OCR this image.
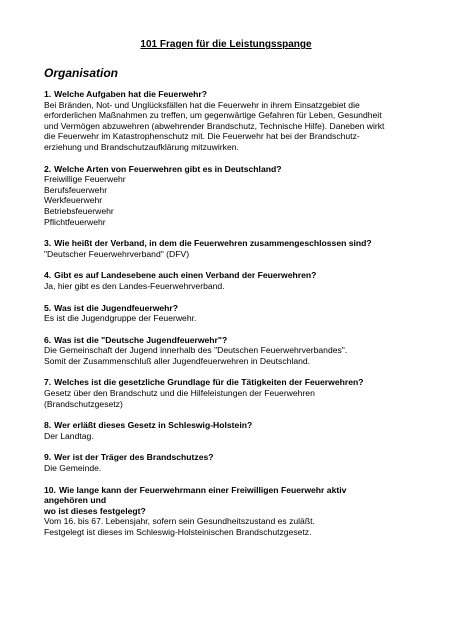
101 Fragen für die Leistungsspange
Organisation
1. Welche Aufgaben hat die Feuerwehr?
Bei Bränden, Not- und Unglücksfällen hat die Feuerwehr in ihrem Einsatzgebiet die
erforderlichen Maßnahmen zu treffen, um gegenwärtige Gefahren für Leben, Gesundheit
und Vermögen abzuwehren (abwehrender Brandschutz, Technische Hilfe). Daneben wirkt
die Feuerwehr im Katastrophenschutz mit. Die Feuerwehr hat bei der Brandschutz-
erziehung und Brandschutzaufklärung mitzuwirken.
2. Welche Arten von Feuerwehren gibt es in Deutschland?
Freiwillige Feuerwehr
Berufsfeuerwehr
Werkfeuerwehr
Betriebsfeuerwehr
Pflichtfeuerwehr
3. Wie heißt der Verband, in dem die Feuerwehren zusammengeschlossen sind?
"Deutscher Feuerwehrverband" (DFV)
4. Gibt es auf Landesebene auch einen Verband der Feuerwehren?
Ja, hier gibt es den Landes-Feuerwehrverband.
5. Was ist die Jugendfeuerwehr?
Es ist die Jugendgruppe der Feuerwehr.
6. Was ist die "Deutsche Jugendfeuerwehr"?
Die Gemeinschaft der Jugend innerhalb des "Deutschen Feuerwehrverbandes".
Somit der Zusammenschluß aller Jugendfeuerwehren in Deutschland.
7. Welches ist die gesetzliche Grundlage für die Tätigkeiten der Feuerwehren?
Gesetz über den Brandschutz und die Hilfeleistungen der Feuerwehren
(Brandschutzgesetz)
8. Wer erläßt dieses Gesetz in Schleswig-Holstein?
Der Landtag.
9. Wer ist der Träger des Brandschutzes?
Die Gemeinde.
10. Wie lange kann der Feuerwehrmann einer Freiwilligen Feuerwehr aktiv
angehören und
wo ist dieses festgelegt?
Vom 16. bis 67. Lebensjahr, sofern sein Gesundheitszustand es zuläßt.
Festgelegt ist dieses im Schleswig-Holsteinischen Brandschutzgesetz.
